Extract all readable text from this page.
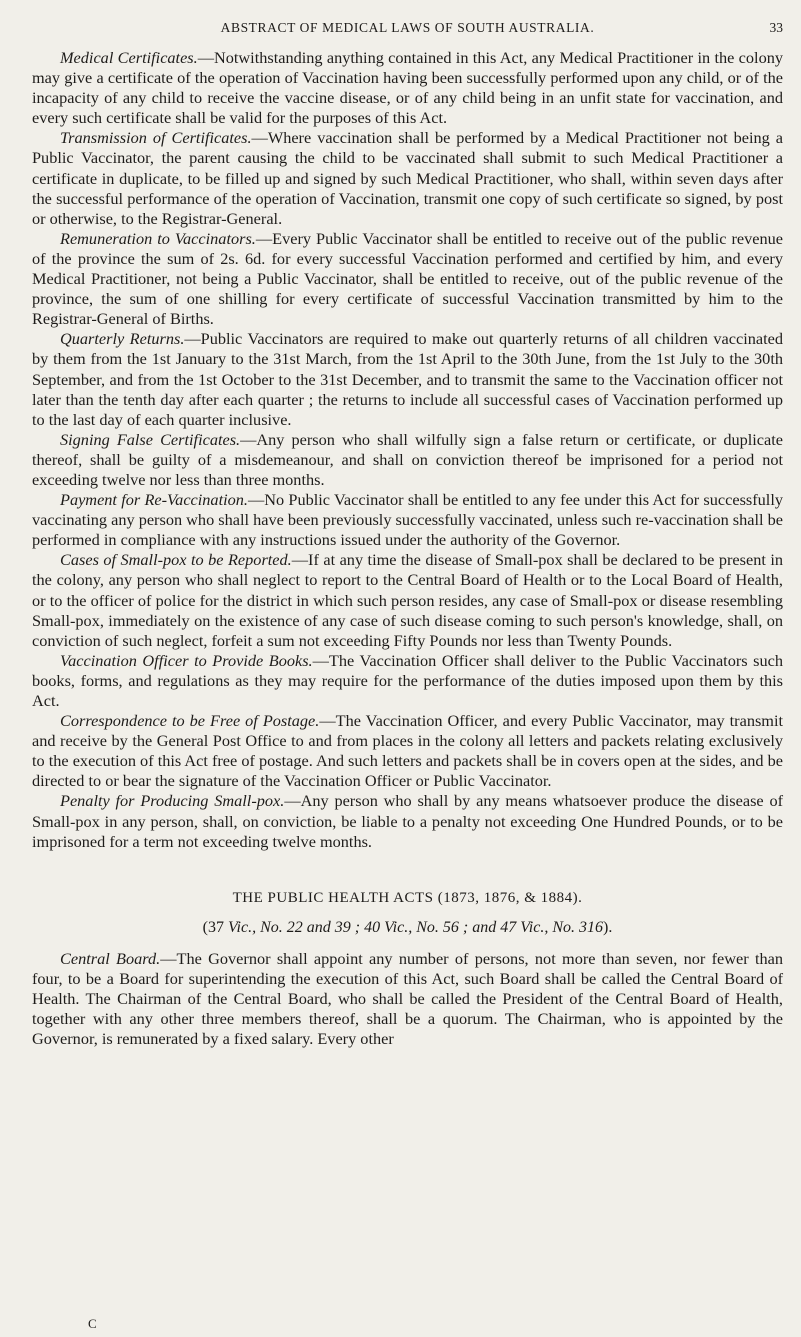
ABSTRACT OF MEDICAL LAWS OF SOUTH AUSTRALIA.	33

Medical Certificates.—Notwithstanding anything contained in this Act, any Medical Practitioner in the colony may give a certificate of the operation of Vaccination having been successfully performed upon any child, or of the incapacity of any child to receive the vaccine disease, or of any child being in an unfit state for vaccination, and every such certificate shall be valid for the purposes of this Act.

Transmission of Certificates.—Where vaccination shall be performed by a Medical Practitioner not being a Public Vaccinator, the parent causing the child to be vaccinated shall submit to such Medical Practitioner a certificate in duplicate, to be filled up and signed by such Medical Practitioner, who shall, within seven days after the successful performance of the operation of Vaccination, transmit one copy of such certificate so signed, by post or otherwise, to the Registrar-General.

Remuneration to Vaccinators.—Every Public Vaccinator shall be entitled to receive out of the public revenue of the province the sum of 2s. 6d. for every successful Vaccination performed and certified by him, and every Medical Practitioner, not being a Public Vaccinator, shall be entitled to receive, out of the public revenue of the province, the sum of one shilling for every certificate of successful Vaccination transmitted by him to the Registrar-General of Births.

Quarterly Returns.—Public Vaccinators are required to make out quarterly returns of all children vaccinated by them from the 1st January to the 31st March, from the 1st April to the 30th June, from the 1st July to the 30th September, and from the 1st October to the 31st December, and to transmit the same to the Vaccination officer not later than the tenth day after each quarter ; the returns to include all successful cases of Vaccination performed up to the last day of each quarter inclusive.

Signing False Certificates.—Any person who shall wilfully sign a false return or certificate, or duplicate thereof, shall be guilty of a misdemeanour, and shall on conviction thereof be imprisoned for a period not exceeding twelve nor less than three months.

Payment for Re-Vaccination.—No Public Vaccinator shall be entitled to any fee under this Act for successfully vaccinating any person who shall have been previously successfully vaccinated, unless such re-vaccination shall be performed in compliance with any instructions issued under the authority of the Governor.

Cases of Small-pox to be Reported.—If at any time the disease of Small-pox shall be declared to be present in the colony, any person who shall neglect to report to the Central Board of Health or to the Local Board of Health, or to the officer of police for the district in which such person resides, any case of Small-pox or disease resembling Small-pox, immediately on the existence of any case of such disease coming to such person's knowledge, shall, on conviction of such neglect, forfeit a sum not exceeding Fifty Pounds nor less than Twenty Pounds.

Vaccination Officer to Provide Books.—The Vaccination Officer shall deliver to the Public Vaccinators such books, forms, and regulations as they may require for the performance of the duties imposed upon them by this Act.

Correspondence to be Free of Postage.—The Vaccination Officer, and every Public Vaccinator, may transmit and receive by the General Post Office to and from places in the colony all letters and packets relating exclusively to the execution of this Act free of postage. And such letters and packets shall be in covers open at the sides, and be directed to or bear the signature of the Vaccination Officer or Public Vaccinator.

Penalty for Producing Small-pox.—Any person who shall by any means whatsoever produce the disease of Small-pox in any person, shall, on conviction, be liable to a penalty not exceeding One Hundred Pounds, or to be imprisoned for a term not exceeding twelve months.

THE PUBLIC HEALTH ACTS (1873, 1876, & 1884).
(37 Vic., No. 22 and 39 ; 40 Vic., No. 56 ; and 47 Vic., No. 316).

Central Board.—The Governor shall appoint any number of persons, not more than seven, nor fewer than four, to be a Board for superintending the execution of this Act, such Board shall be called the Central Board of Health. The Chairman of the Central Board, who shall be called the President of the Central Board of Health, together with any other three members thereof, shall be a quorum. The Chairman, who is appointed by the Governor, is remunerated by a fixed salary. Every other

C
